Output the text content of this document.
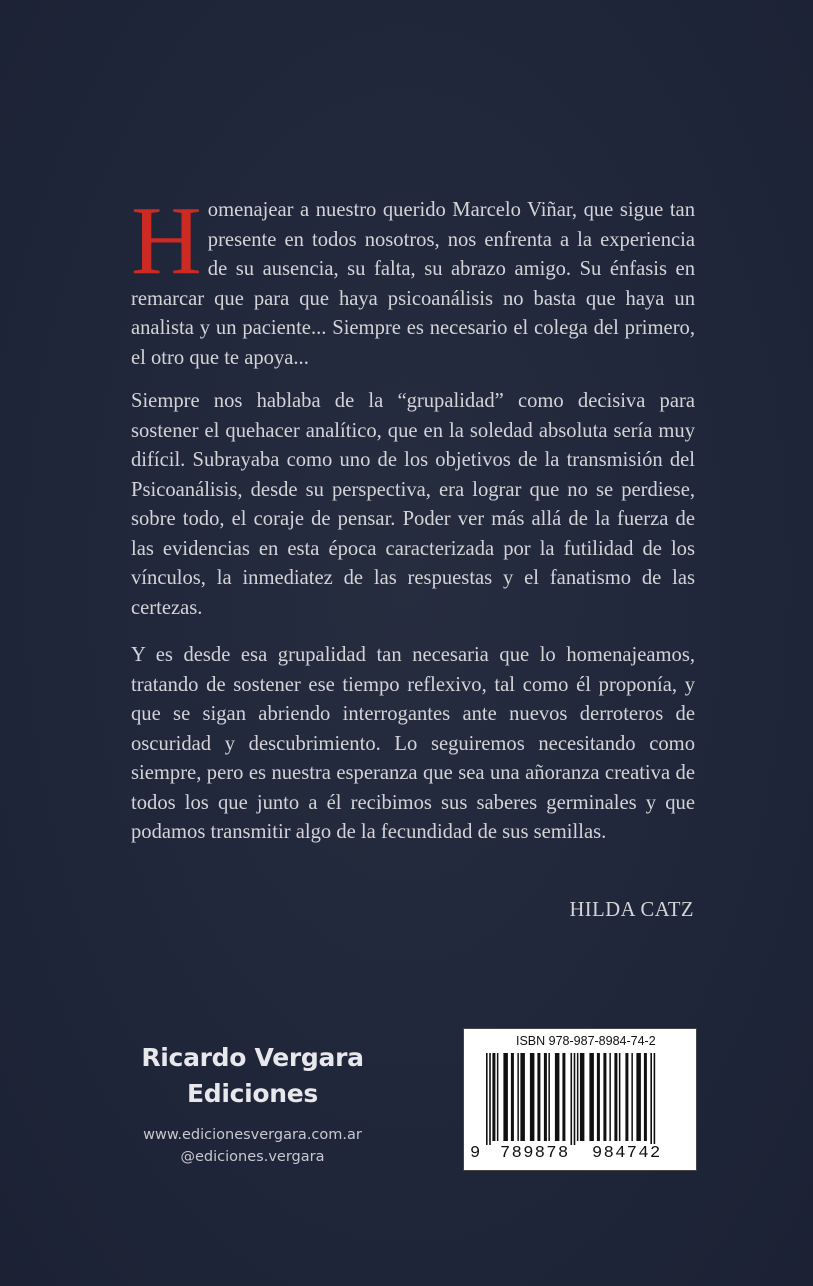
Homenajear a nuestro querido Marcelo Viñar, que sigue tan presente en todos nosotros, nos enfrenta a la experiencia de su ausencia, su falta, su abrazo amigo. Su énfasis en remarcar que para que haya psicoanálisis no basta que haya un analista y un paciente... Siempre es necesario el colega del primero, el otro que te apoya...

Siempre nos hablaba de la “grupalidad” como decisiva para sostener el quehacer analítico, que en la soledad absoluta sería muy difícil. Subrayaba como uno de los objetivos de la transmisión del Psicoanálisis, desde su perspectiva, era lograr que no se perdiese, sobre todo, el coraje de pensar. Poder ver más allá de la fuerza de las evidencias en esta época caracterizada por la futilidad de los vínculos, la inmediatez de las respuestas y el fanatismo de las certezas.

Y es desde esa grupalidad tan necesaria que lo homenajeamos, tratando de sostener ese tiempo reflexivo, tal como él proponía, y que se sigan abriendo interrogantes ante nuevos derroteros de oscuridad y descubrimiento. Lo seguiremos necesitando como siempre, pero es nuestra esperanza que sea una añoranza creativa de todos los que junto a él recibimos sus saberes germinales y que podamos transmitir algo de la fecundidad de sus semillas.

HILDA CATZ
Ricardo Vergara
Ediciones
www.edicionesvergara.com.ar
@ediciones.vergara
ISBN 978-987-8984-74-2
9 789878 984742
